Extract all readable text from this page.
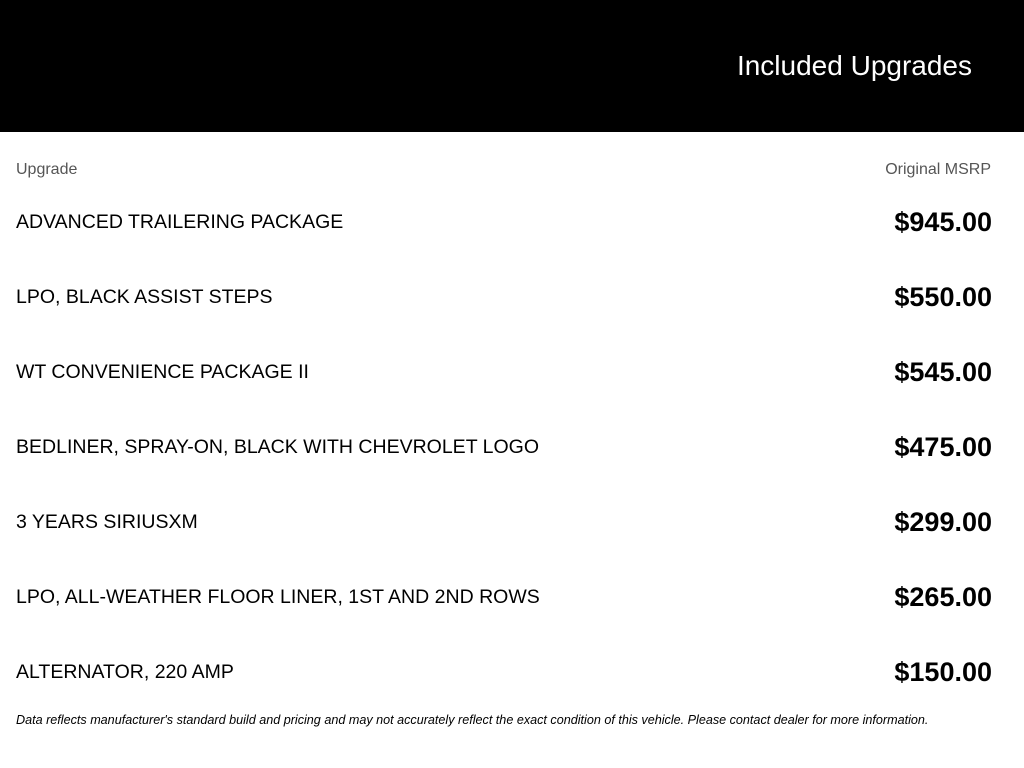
Included Upgrades
Upgrade	Original MSRP
ADVANCED TRAILERING PACKAGE	$945.00
LPO, BLACK ASSIST STEPS	$550.00
WT CONVENIENCE PACKAGE II	$545.00
BEDLINER, SPRAY-ON, BLACK WITH CHEVROLET LOGO	$475.00
3 YEARS SIRIUSXM	$299.00
LPO, ALL-WEATHER FLOOR LINER, 1ST AND 2ND ROWS	$265.00
ALTERNATOR, 220 AMP	$150.00
Data reflects manufacturer's standard build and pricing and may not accurately reflect the exact condition of this vehicle. Please contact dealer for more information.
